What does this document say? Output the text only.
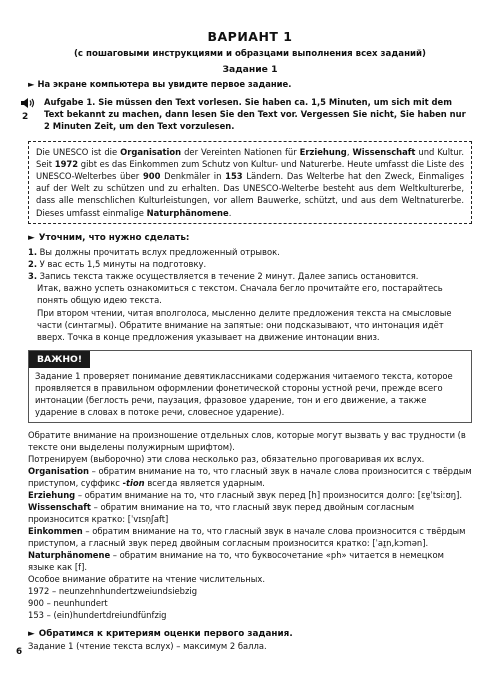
ВАРИАНТ 1
(с пошаговыми инструкциями и образцами выполнения всех заданий)
Задание 1
► На экране компьютера вы увидите первое задание.
2
Aufgabe 1. Sie müssen den Text vorlesen. Sie haben ca. 1,5 Minuten, um sich mit dem Text bekannt zu machen, dann lesen Sie den Text vor. Vergessen Sie nicht, Sie haben nur 2 Minuten Zeit, um den Text vorzulesen.
Die UNESCO ist die Organisation der Vereinten Nationen für Erziehung, Wissenschaft und Kultur. Seit 1972 gibt es das Einkommen zum Schutz von Kultur- und Naturerbe. Heute umfasst die Liste des UNESCO-Welterbes über 900 Denkmäler in 153 Ländern. Das Welterbe hat den Zweck, Einmaliges auf der Welt zu schützen und zu erhalten. Das UNESCO-Welterbe besteht aus dem Weltkulturerbe, dass alle menschlichen Kulturleistungen, vor allem Bauwerke, schützt, und aus dem Weltnaturerbe. Dieses umfasst einmalige Naturphänomene.
► Уточним, что нужно сделать:
1. Вы должны прочитать вслух предложенный отрывок.
2. У вас есть 1,5 минуты на подготовку.
3. Запись текста также осуществляется в течение 2 минут. Далее запись остановится.
Итак, важно успеть ознакомиться с текстом. Сначала бегло прочитайте его, постарайтесь понять общую идею текста.
При втором чтении, читая вполголоса, мысленно делите предложения текста на смысловые части (синтагмы). Обратите внимание на запятые: они подсказывают, что интонация идёт вверх. Точка в конце предложения указывает на движение интонации вниз.
ВАЖНО!
Задание 1 проверяет понимание девятиклассниками содержания читаемого текста, которое проявляется в правильном оформлении фонетической стороны устной речи, прежде всего интонации (беглость речи, паузация, фразовое ударение, тон и его движение, а также ударение в словах в потоке речи, словесное ударение).
Обратите внимание на произношение отдельных слов, которые могут вызвать у вас трудности (в тексте они выделены полужирным шрифтом).
Потренируем (выборочно) эти слова несколько раз, обязательно проговаривая их вслух.
Organisation – обратим внимание на то, что гласный звук в начале слова произносится с твёрдым приступом, суффикс -tion всегда является ударным.
Erziehung – обратим внимание на то, что гласный звук перед [h] произносится долго: [ɛɐ̯ˈtsiːʊŋ].
Wissenschaft – обратим внимание на то, что гласный звук перед двойным согласным произносится кратко: [ˈvɪsn̩ʃaft]
Einkommen – обратим внимание на то, что гласный звук в начале слова произносится с твёрдым приступом, а гласный звук перед двойным согласным произносится кратко: [ˈaɪ̯n,kɔmən].
Naturphänomene – обратим внимание на то, что буквосочетание «ph» читается в немецком языке как [f].
Особое внимание обратите на чтение числительных.
1972 – neunzehnhundertzweiundsiebzig
900 – neunhundert
153 – (ein)hundertdreiundfünfzig
► Обратимся к критериям оценки первого задания.
Задание 1 (чтение текста вслух) – максимум 2 балла.
6
